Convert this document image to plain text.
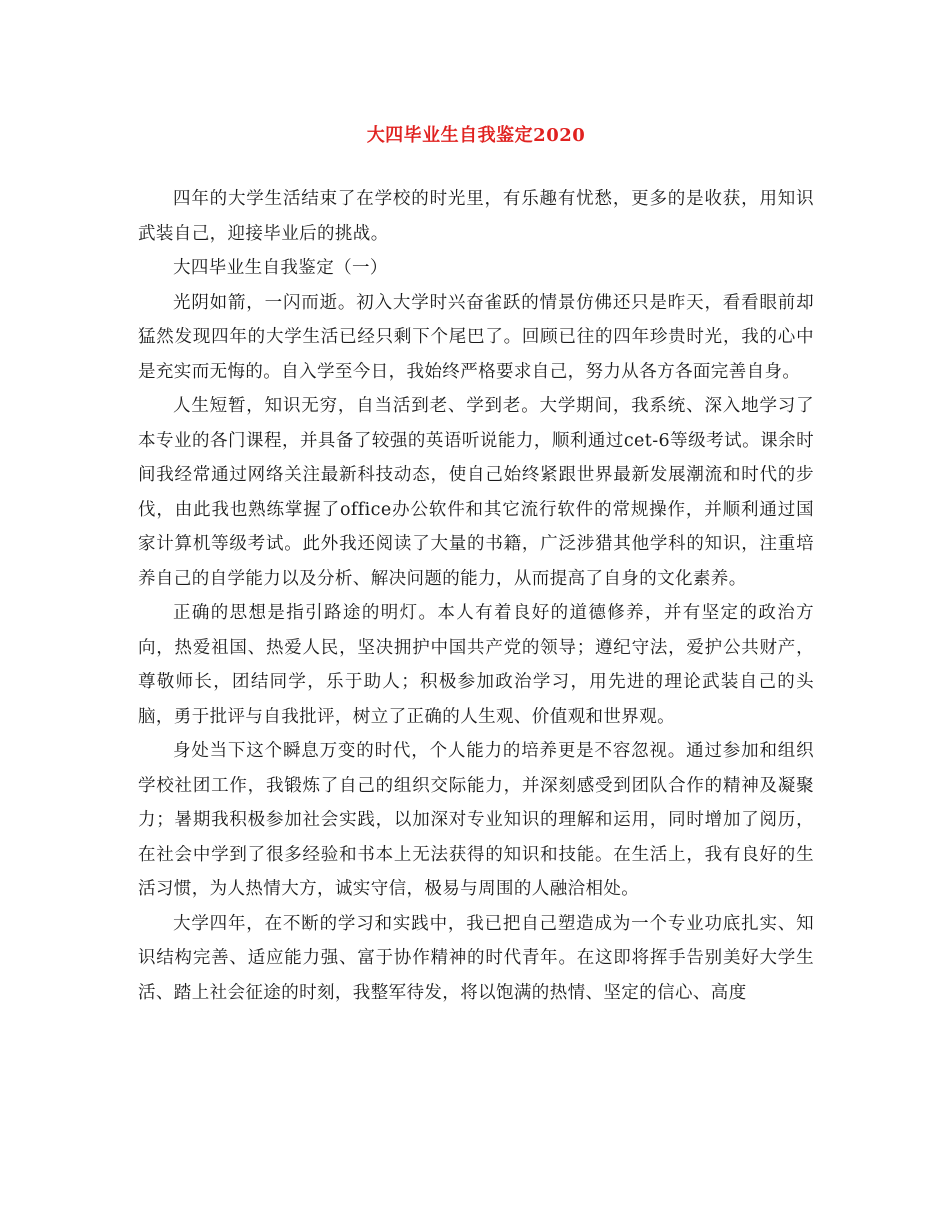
大四毕业生自我鉴定2020

四年的大学生活结束了在学校的时光里，有乐趣有忧愁，更多的是收获，用知识武装自己，迎接毕业后的挑战。

大四毕业生自我鉴定（一）

光阴如箭，一闪而逝。初入大学时兴奋雀跃的情景仿佛还只是昨天，看看眼前却猛然发现四年的大学生活已经只剩下个尾巴了。回顾已往的四年珍贵时光，我的心中是充实而无悔的。自入学至今日，我始终严格要求自己，努力从各方各面完善自身。

人生短暂，知识无穷，自当活到老、学到老。大学期间，我系统、深入地学习了本专业的各门课程，并具备了较强的英语听说能力，顺利通过cet-6等级考试。课余时间我经常通过网络关注最新科技动态，使自己始终紧跟世界最新发展潮流和时代的步伐，由此我也熟练掌握了office办公软件和其它流行软件的常规操作，并顺利通过国家计算机等级考试。此外我还阅读了大量的书籍，广泛涉猎其他学科的知识，注重培养自己的自学能力以及分析、解决问题的能力，从而提高了自身的文化素养。

正确的思想是指引路途的明灯。本人有着良好的道德修养，并有坚定的政治方向，热爱祖国、热爱人民，坚决拥护中国共产党的领导；遵纪守法，爱护公共财产，尊敬师长，团结同学，乐于助人；积极参加政治学习，用先进的理论武装自己的头脑，勇于批评与自我批评，树立了正确的人生观、价值观和世界观。

身处当下这个瞬息万变的时代，个人能力的培养更是不容忽视。通过参加和组织学校社团工作，我锻炼了自己的组织交际能力，并深刻感受到团队合作的精神及凝聚力；暑期我积极参加社会实践，以加深对专业知识的理解和运用，同时增加了阅历，在社会中学到了很多经验和书本上无法获得的知识和技能。在生活上，我有良好的生活习惯，为人热情大方，诚实守信，极易与周围的人融洽相处。

大学四年，在不断的学习和实践中，我已把自己塑造成为一个专业功底扎实、知识结构完善、适应能力强、富于协作精神的时代青年。在这即将挥手告别美好大学生活、踏上社会征途的时刻，我整军待发，将以饱满的热情、坚定的信心、高度
